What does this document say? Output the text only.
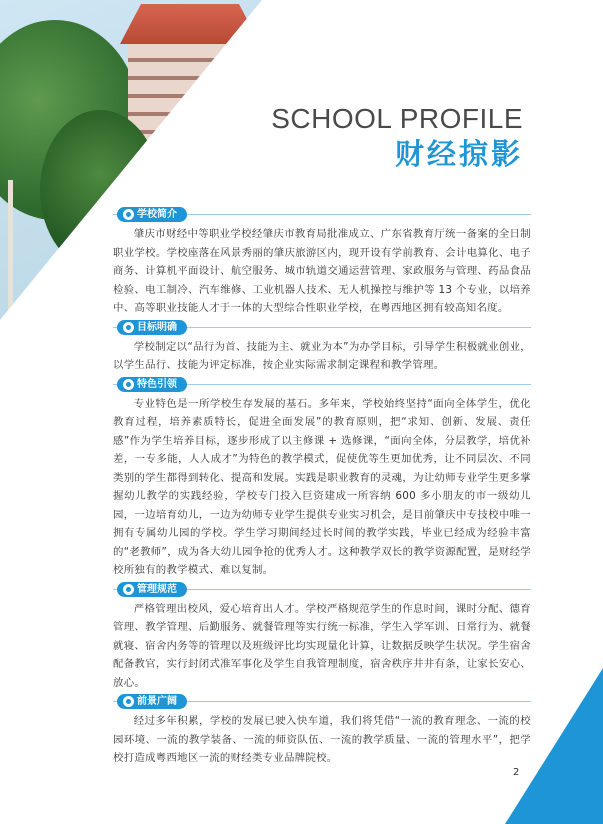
SCHOOL PROFILE
财经掠影
学校简介

肇庆市财经中等职业学校经肇庆市教育局批准成立、广东省教育厅统一备案的全日制职业学校。学校座落在风景秀丽的肇庆旅游区内，现开设有学前教育、会计电算化、电子商务、计算机平面设计、航空服务、城市轨道交通运营管理、家政服务与管理、药品食品检验、电工制冷、汽车维修、工业机器人技术、无人机操控与维护等 13 个专业，以培养中、高等职业技能人才于一体的大型综合性职业学校，在粤西地区拥有较高知名度。

目标明确

学校制定以“品行为首、技能为主、就业为本”为办学目标，引导学生积极就业创业，以学生品行、技能为评定标准，按企业实际需求制定课程和教学管理。

特色引领

专业特色是一所学校生存发展的基石。多年来，学校始终坚持“面向全体学生，优化教育过程，培养素质特长，促进全面发展”的教育原则，把“求知、创新、发展、责任感”作为学生培养目标，逐步形成了以主修课 + 选修课，“面向全体，分层教学，培优补差，一专多能，人人成才”为特色的教学模式，促使优等生更加优秀，让不同层次、不同类别的学生都得到转化、提高和发展。实践是职业教育的灵魂，为让幼师专业学生更多掌握幼儿教学的实践经验，学校专门投入巨资建成一所容纳 600 多小朋友的市一级幼儿园，一边培育幼儿，一边为幼师专业学生提供专业实习机会，是目前肇庆中专技校中唯一拥有专属幼儿园的学校。学生学习期间经过长时间的教学实践，毕业已经成为经验丰富的“老教师”，成为各大幼儿园争抢的优秀人才。这种教学双长的教学资源配置，是财经学校所独有的教学模式、难以复制。

管理规范

严格管理出校风，爱心培育出人才。学校严格规范学生的作息时间，课时分配、德育管理、教学管理、后勤服务、就餐管理等实行统一标准，学生入学军训、日常行为、就餐就寝、宿舍内务等的管理以及班级评比均实现量化计算，让数据反映学生状况。学生宿舍配备教官，实行封闭式准军事化及学生自我管理制度，宿舍秩序井井有条，让家长安心、放心。

前景广阔

经过多年积累，学校的发展已驶入快车道，我们将凭借“一流的教育理念、一流的校园环境、一流的教学装备、一流的师资队伍、一流的教学质量、一流的管理水平”，把学校打造成粤西地区一流的财经类专业品牌院校。

2
